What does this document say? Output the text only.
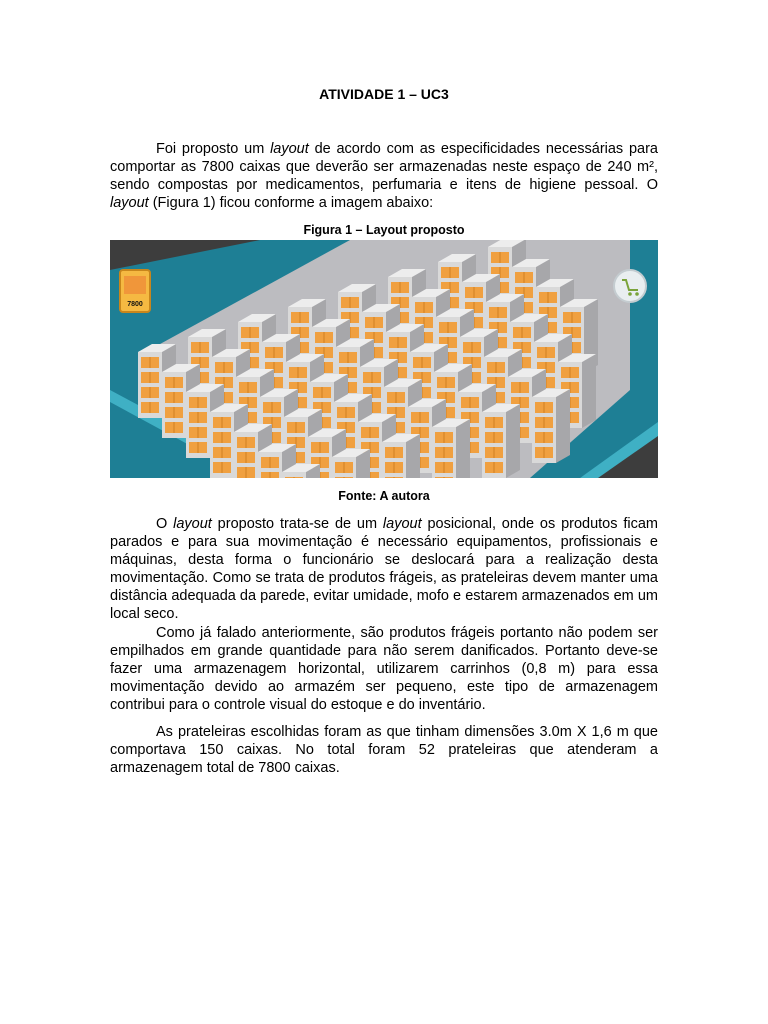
ATIVIDADE 1 – UC3

Foi proposto um layout de acordo com as especificidades necessárias para comportar as 7800 caixas que deverão ser armazenadas neste espaço de 240 m², sendo compostas por medicamentos, perfumaria e itens de higiene pessoal. O layout (Figura 1) ficou conforme a imagem abaixo:

Figura 1 – Layout proposto
7800
Fonte: A autora

O layout proposto trata-se de um layout posicional, onde os produtos ficam parados e para sua movimentação é necessário equipamentos, profissionais e máquinas, desta forma o funcionário se deslocará para a realização desta movimentação. Como se trata de produtos frágeis, as prateleiras devem manter uma distância adequada da parede, evitar umidade, mofo e estarem armazenados em um local seco.

Como já falado anteriormente, são produtos frágeis portanto não podem ser empilhados em grande quantidade para não serem danificados. Portanto deve-se fazer uma armazenagem horizontal, utilizarem carrinhos (0,8 m) para essa movimentação devido ao armazém ser pequeno, este tipo de armazenagem contribui para o controle visual do estoque e do inventário.

As prateleiras escolhidas foram as que tinham dimensões 3.0m X 1,6 m que comportava 150 caixas. No total foram 52 prateleiras que atenderam a armazenagem total de 7800 caixas.
